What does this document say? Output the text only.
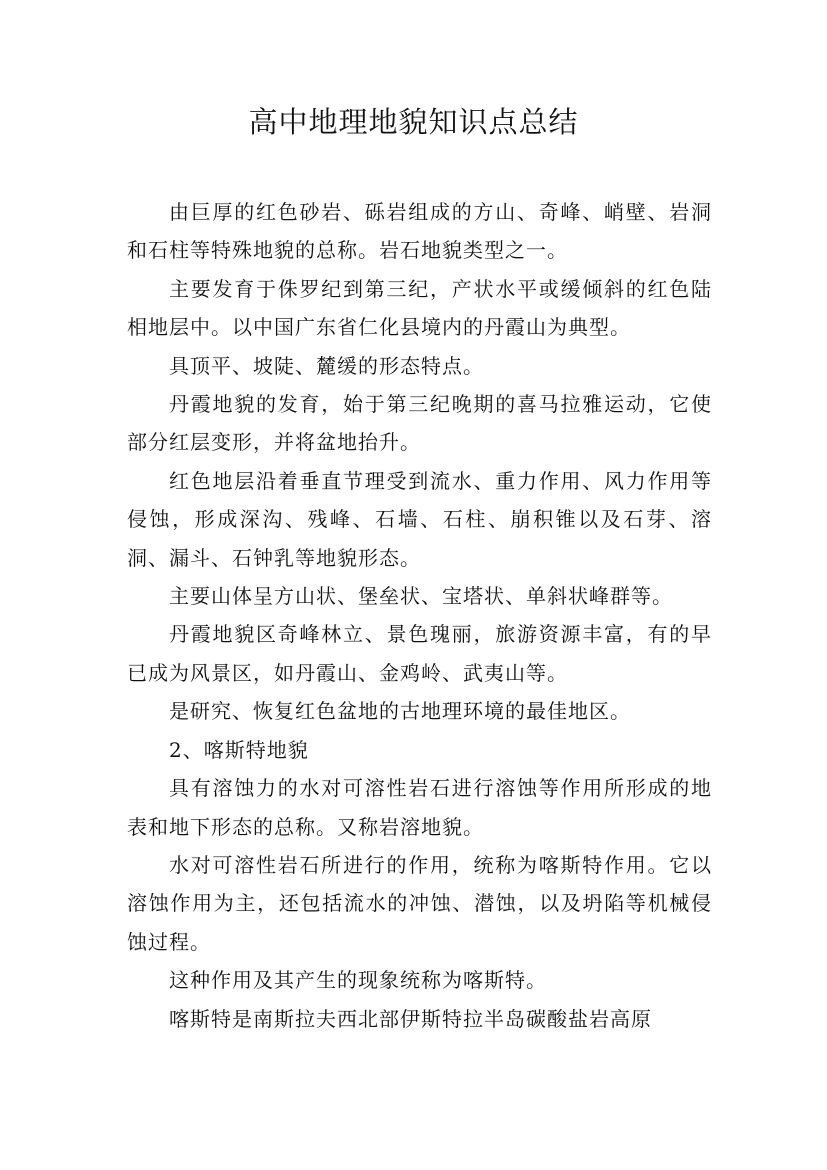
高中地理地貌知识点总结

由巨厚的红色砂岩、砾岩组成的方山、奇峰、峭壁、岩洞和石柱等特殊地貌的总称。岩石地貌类型之一。

主要发育于侏罗纪到第三纪，产状水平或缓倾斜的红色陆相地层中。以中国广东省仁化县境内的丹霞山为典型。

具顶平、坡陡、麓缓的形态特点。

丹霞地貌的发育，始于第三纪晚期的喜马拉雅运动，它使部分红层变形，并将盆地抬升。

红色地层沿着垂直节理受到流水、重力作用、风力作用等侵蚀，形成深沟、残峰、石墙、石柱、崩积锥以及石芽、溶洞、漏斗、石钟乳等地貌形态。

主要山体呈方山状、堡垒状、宝塔状、单斜状峰群等。

丹霞地貌区奇峰林立、景色瑰丽，旅游资源丰富，有的早已成为风景区，如丹霞山、金鸡岭、武夷山等。

是研究、恢复红色盆地的古地理环境的最佳地区。

2、喀斯特地貌

具有溶蚀力的水对可溶性岩石进行溶蚀等作用所形成的地表和地下形态的总称。又称岩溶地貌。

水对可溶性岩石所进行的作用，统称为喀斯特作用。它以溶蚀作用为主，还包括流水的冲蚀、潜蚀，以及坍陷等机械侵蚀过程。

这种作用及其产生的现象统称为喀斯特。

喀斯特是南斯拉夫西北部伊斯特拉半岛碳酸盐岩高原
